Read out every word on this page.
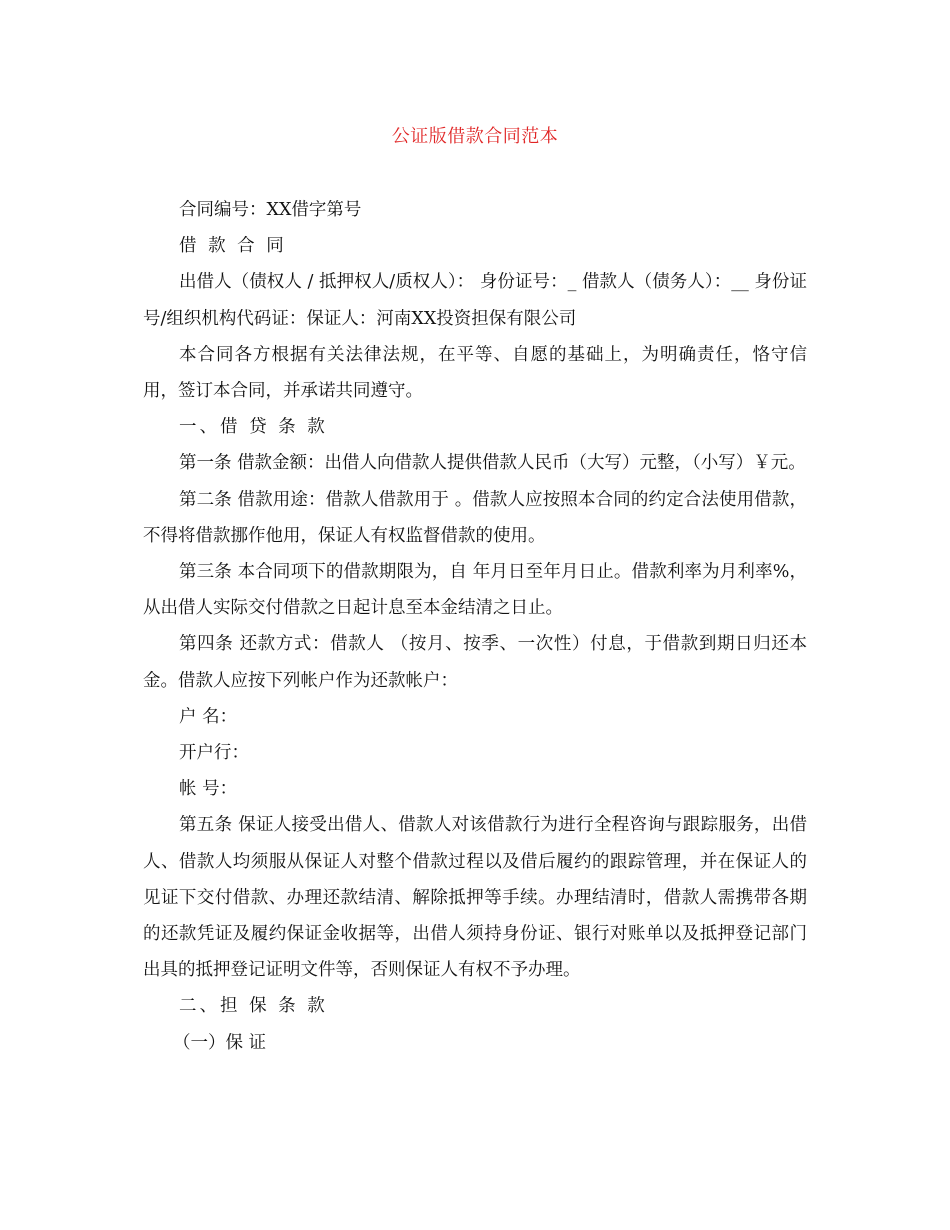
公证版借款合同范本

合同编号：XX借字第号

借 款 合 同

出借人（债权人 / 抵押权人/质权人）： 身份证号：_ 借款人（债务人）：__ 身份证号/组织机构代码证：保证人：河南XX投资担保有限公司

本合同各方根据有关法律法规，在平等、自愿的基础上，为明确责任，恪守信用，签订本合同，并承诺共同遵守。

一、借 贷 条 款

第一条 借款金额：出借人向借款人提供借款人民币（大写）元整，（小写）￥元。

第二条 借款用途：借款人借款用于 。借款人应按照本合同的约定合法使用借款，不得将借款挪作他用，保证人有权监督借款的使用。

第三条 本合同项下的借款期限为，自 年月日至年月日止。借款利率为月利率%，从出借人实际交付借款之日起计息至本金结清之日止。

第四条 还款方式：借款人 （按月、按季、一次性）付息，于借款到期日归还本金。借款人应按下列帐户作为还款帐户：

户 名：

开户行：

帐 号：

第五条 保证人接受出借人、借款人对该借款行为进行全程咨询与跟踪服务，出借人、借款人均须服从保证人对整个借款过程以及借后履约的跟踪管理，并在保证人的见证下交付借款、办理还款结清、解除抵押等手续。办理结清时，借款人需携带各期的还款凭证及履约保证金收据等，出借人须持身份证、银行对账单以及抵押登记部门出具的抵押登记证明文件等，否则保证人有权不予办理。

二、担 保 条 款

（一）保 证
